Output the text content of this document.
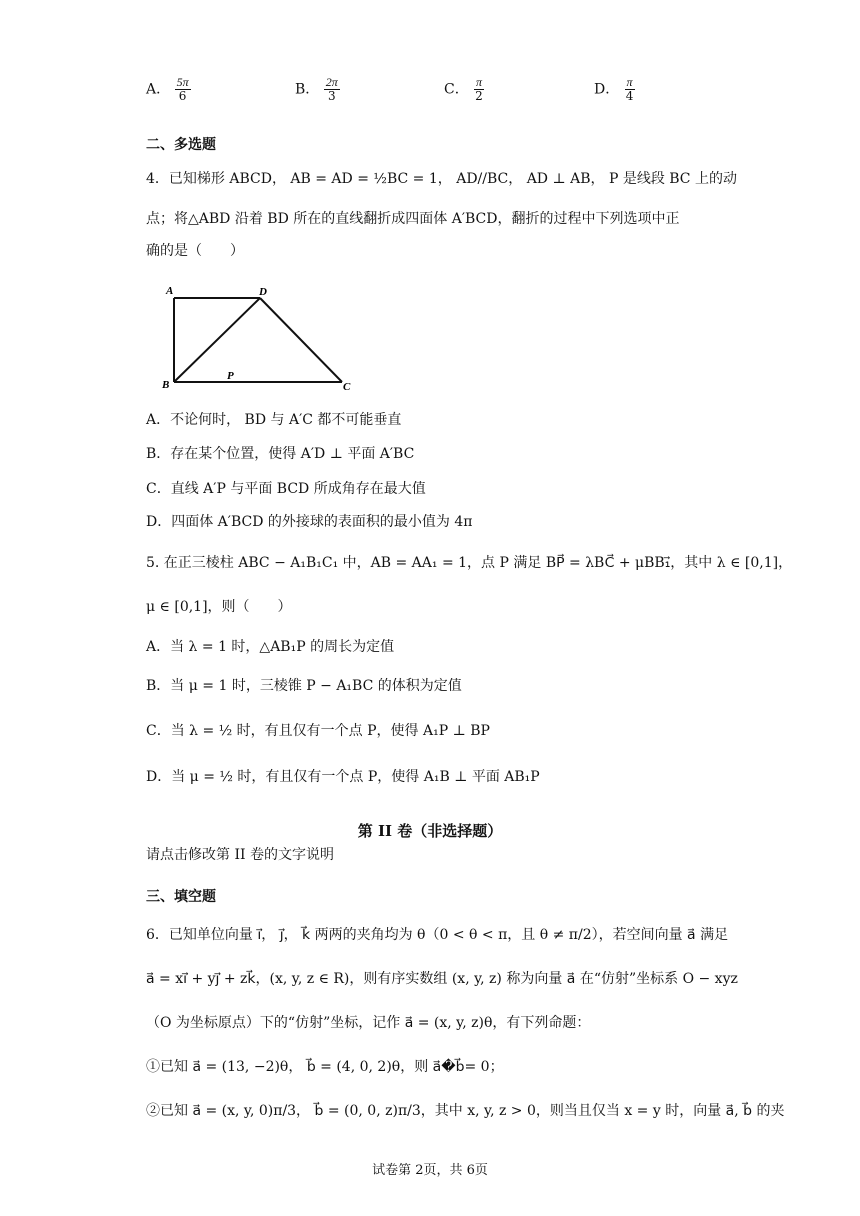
A． $\frac{5\pi}{6}$	B． $\frac{2\pi}{3}$	C． $\frac{\pi}{2}$	D． $\frac{\pi}{4}$
二、多选题
4．已知梯形 ABCD， AB = AD = ½BC = 1， AD//BC， AD ⊥ AB， P 是线段 BC 上的动
点；将△ABD 沿着 BD 所在的直线翻折成四面体 A′BCD，翻折的过程中下列选项中正
确的是（　　）
A	D
B
P
C
A．不论何时， BD 与 A′C 都不可能垂直
B．存在某个位置，使得 A′D ⊥ 平面 A′BC
C．直线 A′P 与平面 BCD 所成角存在最大值
D．四面体 A′BCD 的外接球的表面积的最小值为 4π
5. 在正三棱柱 ABC − A₁B₁C₁ 中，AB = AA₁ = 1，点 P 满足 BP⃗ = λBC⃗ + μBB₁⃗，其中 λ ∈ [0,1]，
μ ∈ [0,1]，则（　　）
A．当 λ = 1 时，△AB₁P 的周长为定值
B．当 μ = 1 时，三棱锥 P − A₁BC 的体积为定值
C．当 λ = ½ 时，有且仅有一个点 P，使得 A₁P ⊥ BP
D．当 μ = ½ 时，有且仅有一个点 P，使得 A₁B ⊥ 平面 AB₁P
第 II 卷（非选择题）
请点击修改第 II 卷的文字说明
三、填空题
6．已知单位向量 i⃗， j⃗， k⃗ 两两的夹角均为 θ（0 < θ < π，且 θ ≠ π/2），若空间向量 a⃗ 满足
a⃗ = xi⃗ + yj⃗ + zk⃗，(x, y, z ∈ R)，则有序实数组 (x, y, z) 称为向量 a⃗ 在“仿射”坐标系 O − xyz
（O 为坐标原点）下的“仿射”坐标，记作 a⃗ = (x, y, z)θ，有下列命题：
①已知 a⃗ = (13, −2)θ， b⃗ = (4, 0, 2)θ，则 a⃗�b⃗= 0；
②已知 a⃗ = (x, y, 0)π/3， b⃗ = (0, 0, z)π/3，其中 x, y, z > 0，则当且仅当 x = y 时，向量 a⃗, b⃗ 的夹
试卷第 2页，共 6页
